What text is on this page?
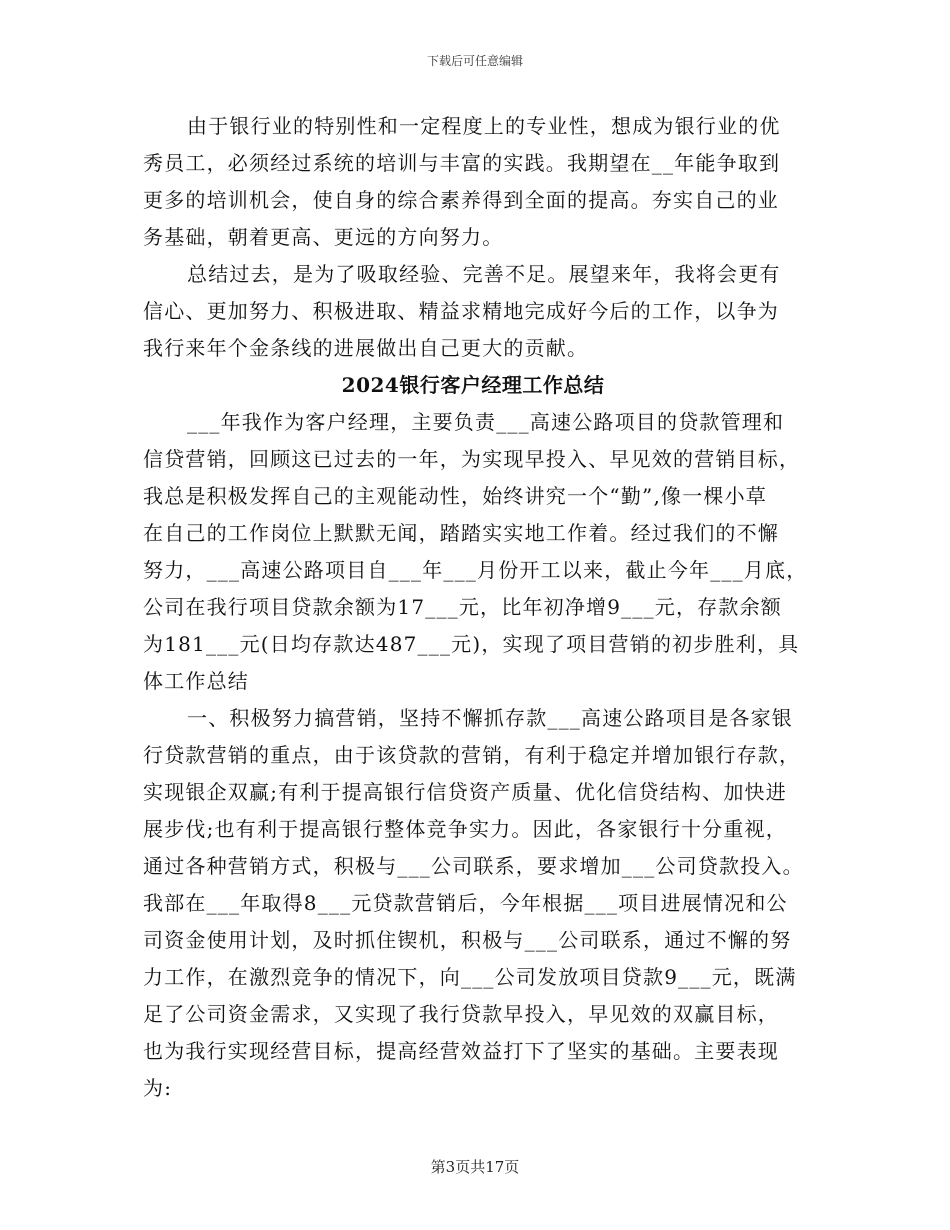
下载后可任意编辑
由于银行业的特别性和一定程度上的专业性，想成为银行业的优
秀员工，必须经过系统的培训与丰富的实践。我期望在__年能争取到
更多的培训机会，使自身的综合素养得到全面的提高。夯实自己的业
务基础，朝着更高、更远的方向努力。
总结过去，是为了吸取经验、完善不足。展望来年，我将会更有
信心、更加努力、积极进取、精益求精地完成好今后的工作，以争为
我行来年个金条线的进展做出自己更大的贡献。
2024银行客户经理工作总结
___年我作为客户经理，主要负责___高速公路项目的贷款管理和
信贷营销，回顾这已过去的一年，为实现早投入、早见效的营销目标，
我总是积极发挥自己的主观能动性，始终讲究一个“勤”,像一棵小草
在自己的工作岗位上默默无闻，踏踏实实地工作着。经过我们的不懈
努力，___高速公路项目自___年___月份开工以来，截止今年___月底，
公司在我行项目贷款余额为17___元，比年初净增9___元，存款余额
为181___元(日均存款达487___元)，实现了项目营销的初步胜利，具
体工作总结
一、积极努力搞营销，坚持不懈抓存款___高速公路项目是各家银
行贷款营销的重点，由于该贷款的营销，有利于稳定并增加银行存款，
实现银企双赢;有利于提高银行信贷资产质量、优化信贷结构、加快进
展步伐;也有利于提高银行整体竞争实力。因此，各家银行十分重视，
通过各种营销方式，积极与___公司联系，要求增加___公司贷款投入。
我部在___年取得8___元贷款营销后，今年根据___项目进展情况和公
司资金使用计划，及时抓住锲机，积极与___公司联系，通过不懈的努
力工作，在激烈竞争的情况下，向___公司发放项目贷款9___元，既满
足了公司资金需求，又实现了我行贷款早投入，早见效的双赢目标，
也为我行实现经营目标，提高经营效益打下了坚实的基础。主要表现
为:
第3页共17页
